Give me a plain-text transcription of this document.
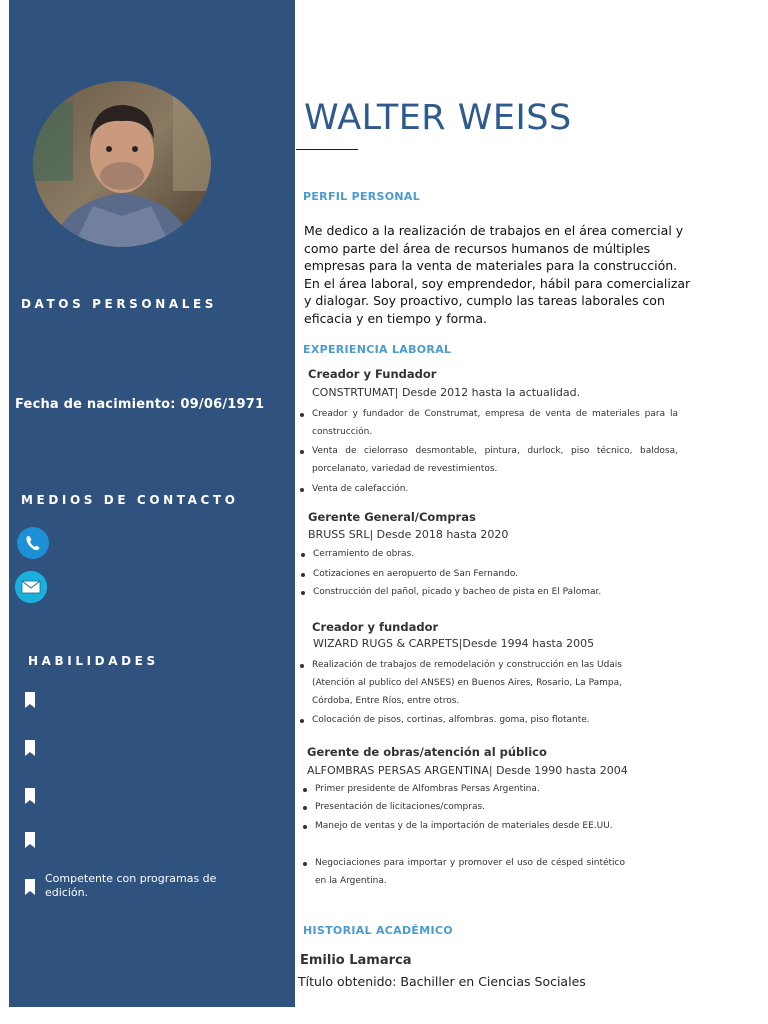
DATOS PERSONALES
Fecha de nacimiento: 09/06/1971
MEDIOS DE CONTACTO
HABILIDADES
Competente con programas de edición.
WALTER WEISS
PERFIL PERSONAL
Me dedico a la realización de trabajos en el área comercial y como parte del área de recursos humanos de múltiples empresas para la venta de materiales para la construcción. En el área laboral, soy emprendedor, hábil para comercializar y dialogar. Soy proactivo, cumplo las tareas laborales con eficacia y en tiempo y forma.
EXPERIENCIA LABORAL
Creador y Fundador
CONSTRTUMAT| Desde 2012 hasta la actualidad.
Creador y fundador de Construmat, empresa de venta de materiales para la construcción.
Venta de cielorraso desmontable, pintura, durlock, piso técnico, baldosa, porcelanato, variedad de revestimientos.
Venta de calefacción.
Gerente General/Compras
BRUSS SRL| Desde 2018 hasta 2020
Cerramiento de obras.
Cotizaciones en aeropuerto de San Fernando.
Construcción del pañol, picado y bacheo de pista en El Palomar.
Creador y fundador
WIZARD RUGS & CARPETS|Desde 1994 hasta 2005
Realización de trabajos de remodelación y construcción en las Udais (Atención al publico del ANSES) en Buenos Aires, Rosario, La Pampa, Córdoba, Entre Ríos, entre otros.
Colocación de pisos, cortinas, alfombras. goma, piso flotante.
Gerente de obras/atención al público
ALFOMBRAS PERSAS ARGENTINA| Desde 1990 hasta 2004
Primer presidente de Alfombras Persas Argentina.
Presentación de licitaciones/compras.
Manejo de ventas y de la importación de materiales desde EE.UU.
Negociaciones para importar y promover el uso de césped sintético en la Argentina.
HISTORIAL ACADÉMICO
Emilio Lamarca
Título obtenido: Bachiller en Ciencias Sociales
